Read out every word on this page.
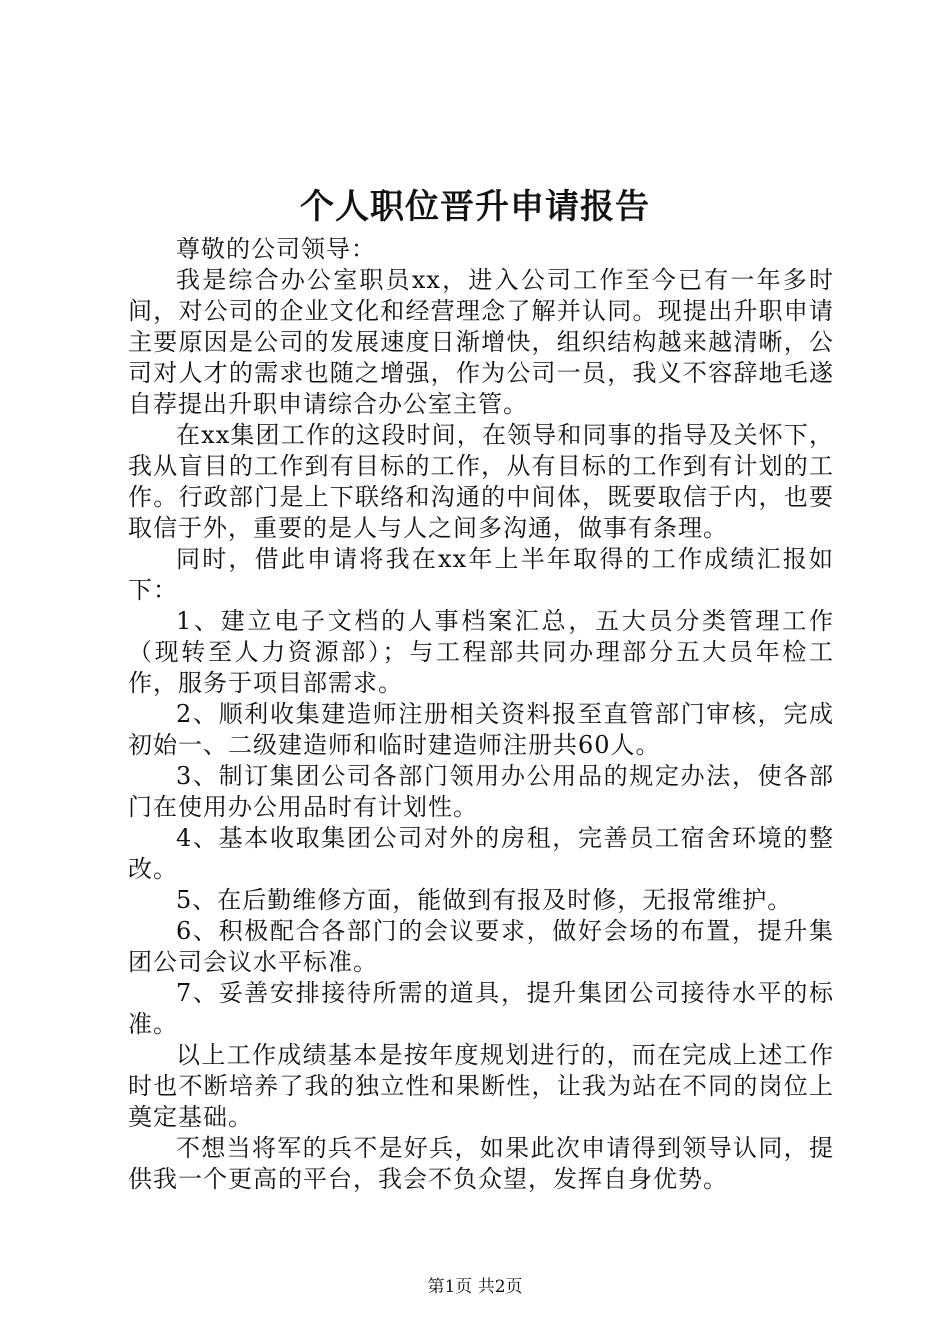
个人职位晋升申请报告

尊敬的公司领导：

我是综合办公室职员xx，进入公司工作至今已有一年多时间，对公司的企业文化和经营理念了解并认同。现提出升职申请主要原因是公司的发展速度日渐增快，组织结构越来越清晰，公司对人才的需求也随之增强，作为公司一员，我义不容辞地毛遂自荐提出升职申请综合办公室主管。

在xx集团工作的这段时间，在领导和同事的指导及关怀下，我从盲目的工作到有目标的工作，从有目标的工作到有计划的工作。行政部门是上下联络和沟通的中间体，既要取信于内，也要取信于外，重要的是人与人之间多沟通，做事有条理。

同时，借此申请将我在xx年上半年取得的工作成绩汇报如下：

1、建立电子文档的人事档案汇总，五大员分类管理工作（现转至人力资源部）；与工程部共同办理部分五大员年检工作，服务于项目部需求。

2、顺利收集建造师注册相关资料报至直管部门审核，完成初始一、二级建造师和临时建造师注册共60人。

3、制订集团公司各部门领用办公用品的规定办法，使各部门在使用办公用品时有计划性。

4、基本收取集团公司对外的房租，完善员工宿舍环境的整改。

5、在后勤维修方面，能做到有报及时修，无报常维护。

6、积极配合各部门的会议要求，做好会场的布置，提升集团公司会议水平标准。

7、妥善安排接待所需的道具，提升集团公司接待水平的标准。

以上工作成绩基本是按年度规划进行的，而在完成上述工作时也不断培养了我的独立性和果断性，让我为站在不同的岗位上奠定基础。

不想当将军的兵不是好兵，如果此次申请得到领导认同，提供我一个更高的平台，我会不负众望，发挥自身优势。

第1页 共2页
